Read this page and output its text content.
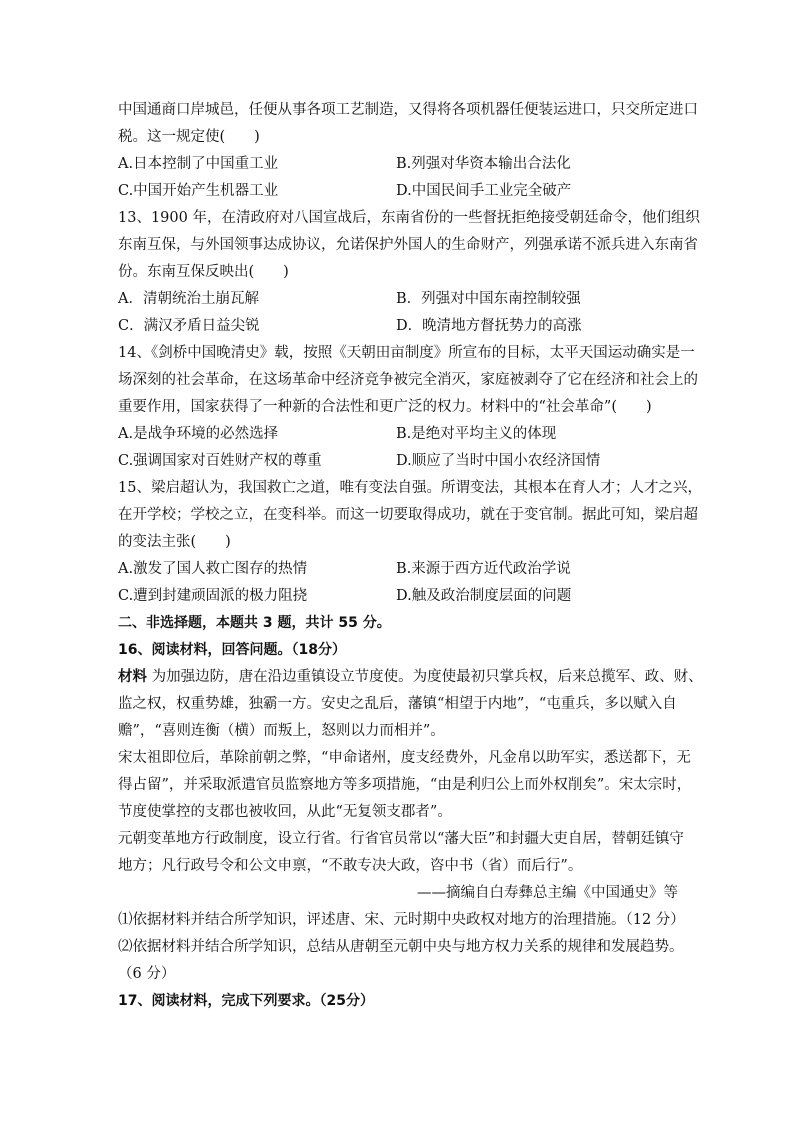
中国通商口岸城邑，任便从事各项工艺制造，又得将各项机器任便装运进口，只交所定进口
税。这一规定使(　　)
A.日本控制了中国重工业	B.列强对华资本输出合法化
C.中国开始产生机器工业	D.中国民间手工业完全破产
13、1900 年，在清政府对八国宣战后，东南省份的一些督抚拒绝接受朝廷命令，他们组织
东南互保，与外国领事达成协议，允诺保护外国人的生命财产，列强承诺不派兵进入东南省
份。东南互保反映出(　　)
A．清朝统治土崩瓦解	B．列强对中国东南控制较强
C．满汉矛盾日益尖锐	D．晚清地方督抚势力的高涨
14、《剑桥中国晚清史》载，按照《天朝田亩制度》所宣布的目标，太平天国运动确实是一
场深刻的社会革命，在这场革命中经济竞争被完全消灭，家庭被剥夺了它在经济和社会上的
重要作用，国家获得了一种新的合法性和更广泛的权力。材料中的“社会革命”(　　)
A.是战争环境的必然选择	B.是绝对平均主义的体现
C.强调国家对百姓财产权的尊重	D.顺应了当时中国小农经济国情
15、梁启超认为，我国救亡之道，唯有变法自强。所谓变法，其根本在育人才；人才之兴，
在开学校；学校之立，在变科举。而这一切要取得成功，就在于变官制。据此可知，梁启超
的变法主张(　　)
A.激发了国人救亡图存的热情	B.来源于西方近代政治学说
C.遭到封建顽固派的极力阻挠	D.触及政治制度层面的问题
二、非选择题，本题共 3 题，共计 55 分。
16、阅读材料，回答问题。（18分）
材料 为加强边防，唐在沿边重镇设立节度使。为度使最初只掌兵权，后来总揽军、政、财、
监之权，权重势雄，独霸一方。安史之乱后，藩镇“相望于内地”，“屯重兵，多以赋入自
赡”，“喜则连衡（横）而叛上，怒则以力而相并”。
宋太祖即位后，革除前朝之弊，“申命诸州，度支经费外，凡金帛以助军实，悉送都下，无
得占留”，并采取派遣官员监察地方等多项措施，“由是利归公上而外权削矣”。宋太宗时，
节度使掌控的支郡也被收回，从此“无复领支郡者”。
元朝变革地方行政制度，设立行省。行省官员常以“藩大臣”和封疆大吏自居，替朝廷镇守
地方；凡行政号令和公文申禀，“不敢专决大政，咨中书（省）而后行”。
——摘编自白寿彝总主编《中国通史》等
⑴依据材料并结合所学知识，评述唐、宋、元时期中央政权对地方的治理措施。（12 分）
⑵依据材料并结合所学知识，总结从唐朝至元朝中央与地方权力关系的规律和发展趋势。
（6 分）
17、阅读材料，完成下列要求。（25分）
